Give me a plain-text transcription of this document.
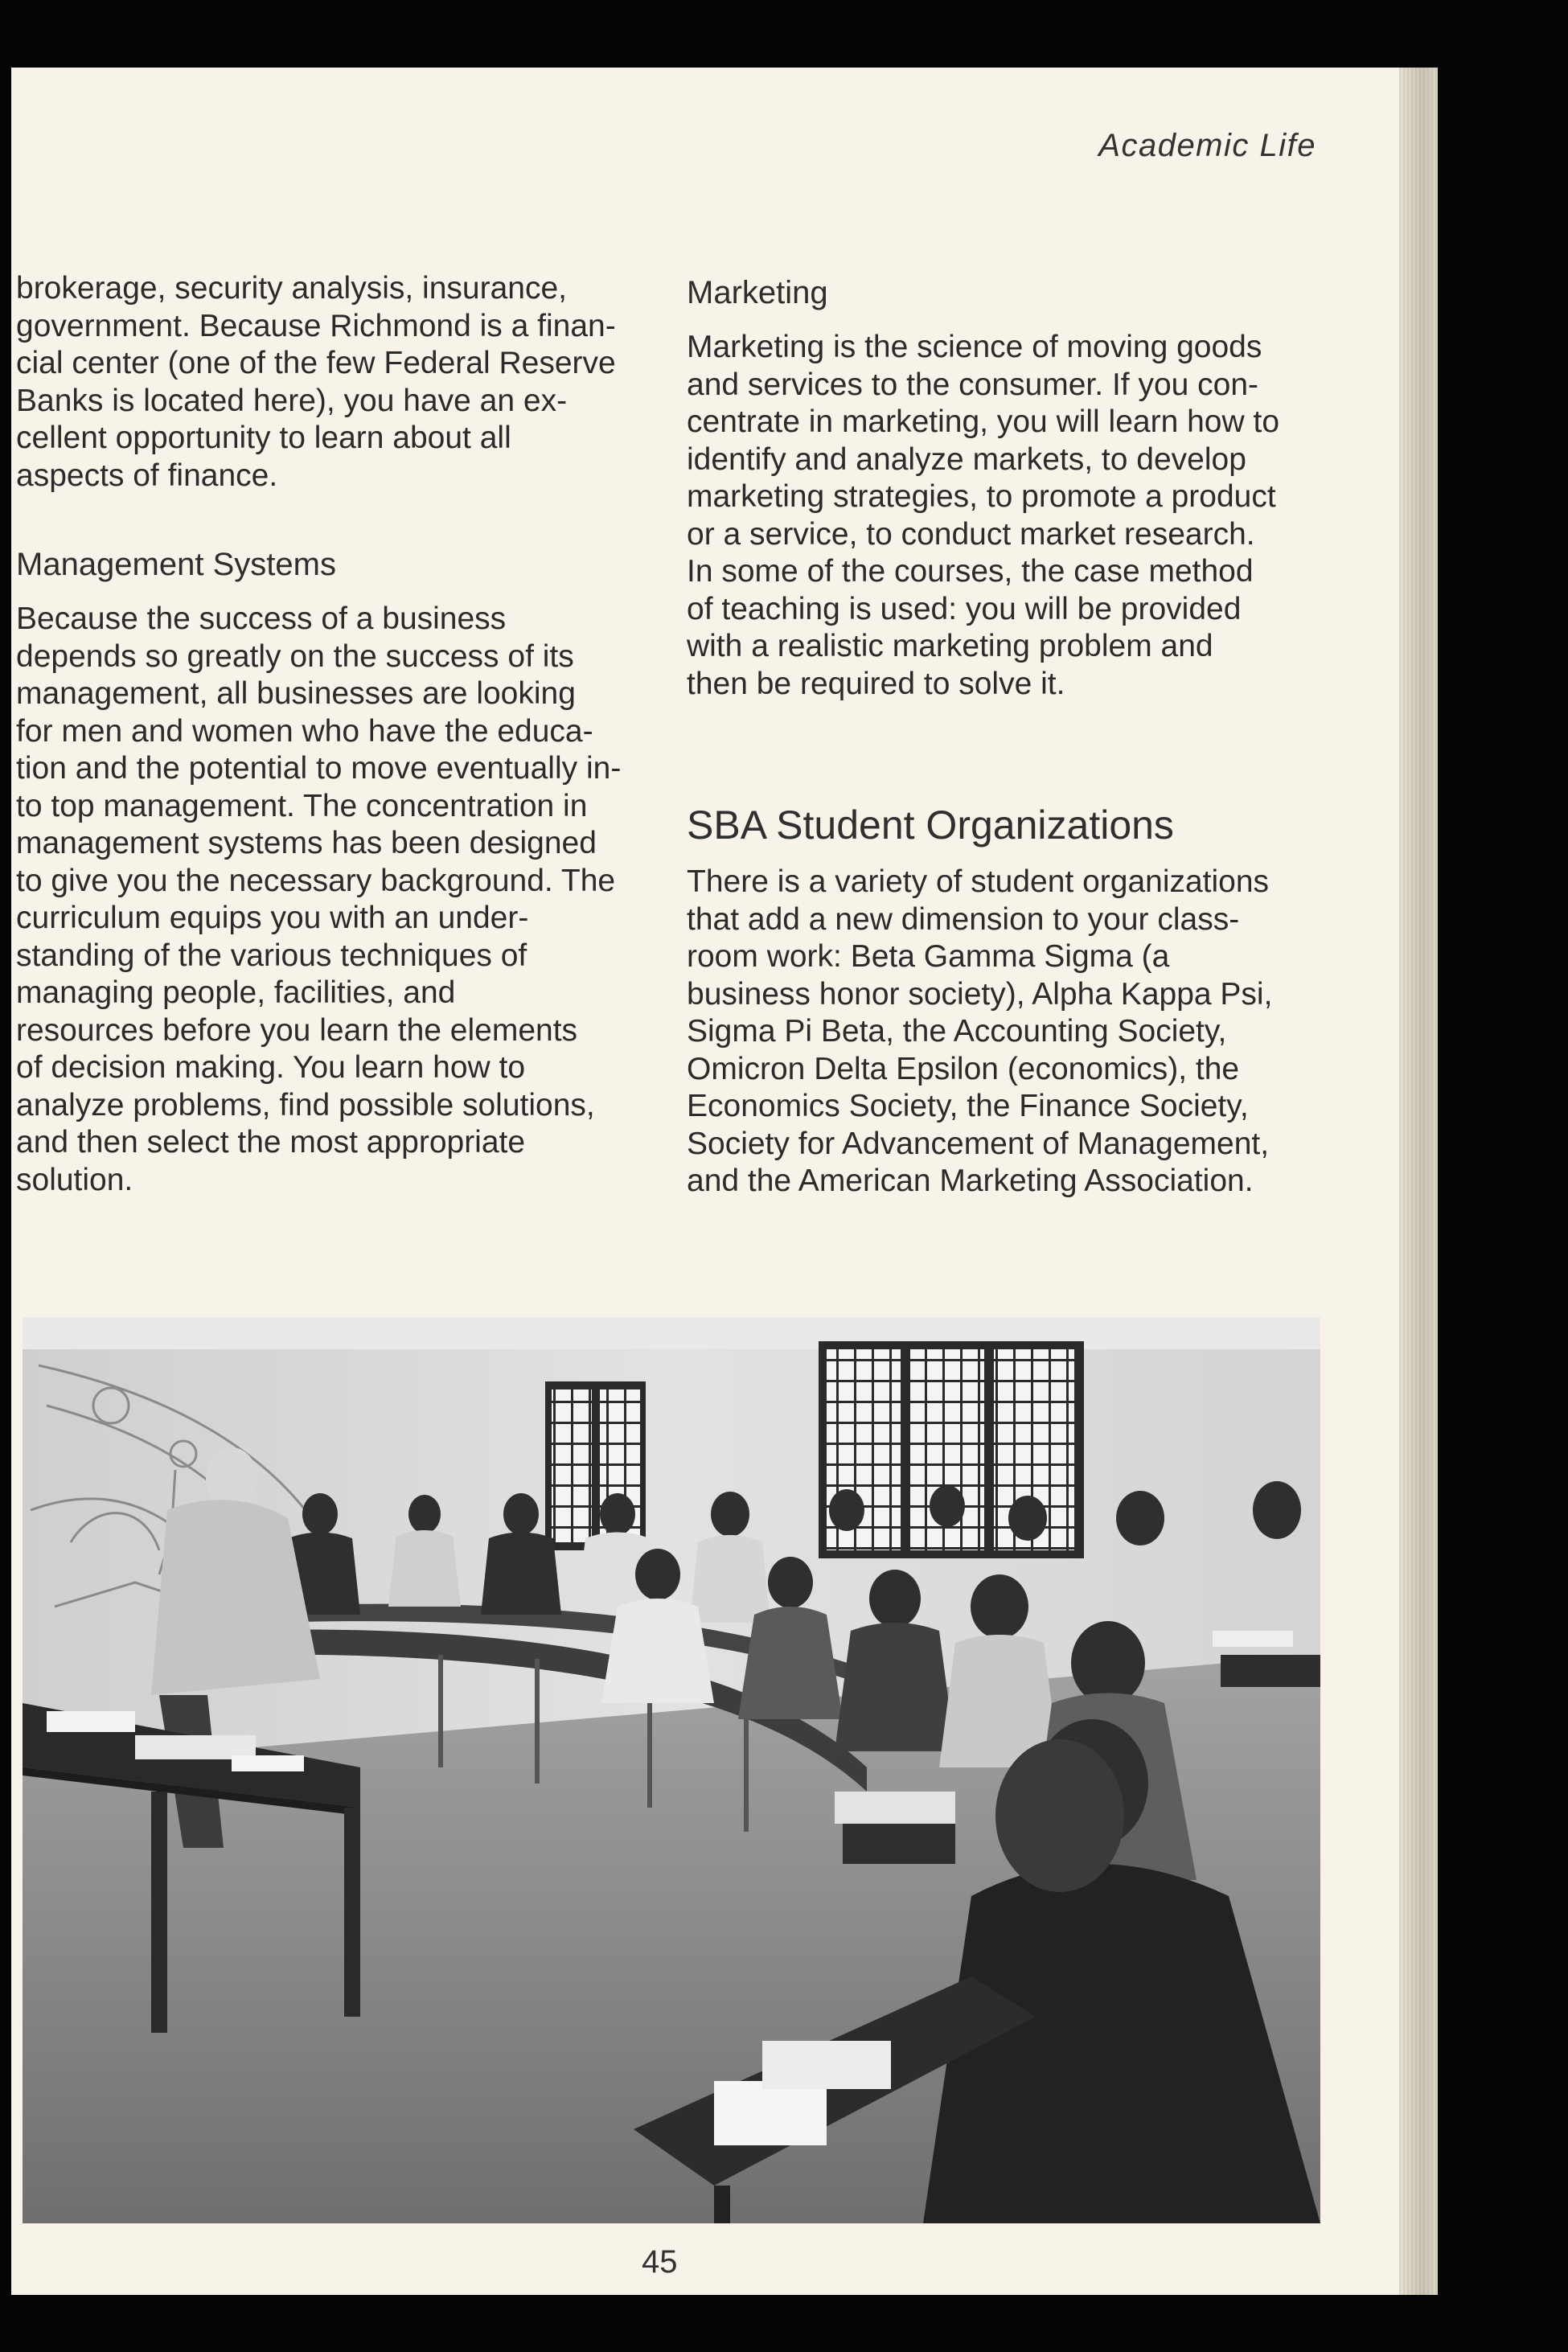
Academic Life

brokerage, security analysis, insurance,
government. Because Richmond is a finan-
cial center (one of the few Federal Reserve
Banks is located here), you have an ex-
cellent opportunity to learn about all
aspects of finance.

Management Systems

Because the success of a business
depends so greatly on the success of its
management, all businesses are looking
for men and women who have the educa-
tion and the potential to move eventually in-
to top management. The concentration in
management systems has been designed
to give you the necessary background. The
curriculum equips you with an under-
standing of the various techniques of
managing people, facilities, and
resources before you learn the elements
of decision making. You learn how to
analyze problems, find possible solutions,
and then select the most appropriate
solution.

Marketing

Marketing is the science of moving goods
and services to the consumer. If you con-
centrate in marketing, you will learn how to
identify and analyze markets, to develop
marketing strategies, to promote a product
or a service, to conduct market research.
In some of the courses, the case method
of teaching is used: you will be provided
with a realistic marketing problem and
then be required to solve it.

SBA Student Organizations

There is a variety of student organizations
that add a new dimension to your class-
room work: Beta Gamma Sigma (a
business honor society), Alpha Kappa Psi,
Sigma Pi Beta, the Accounting Society,
Omicron Delta Epsilon (economics), the
Economics Society, the Finance Society,
Society for Advancement of Management,
and the American Marketing Association.

45
